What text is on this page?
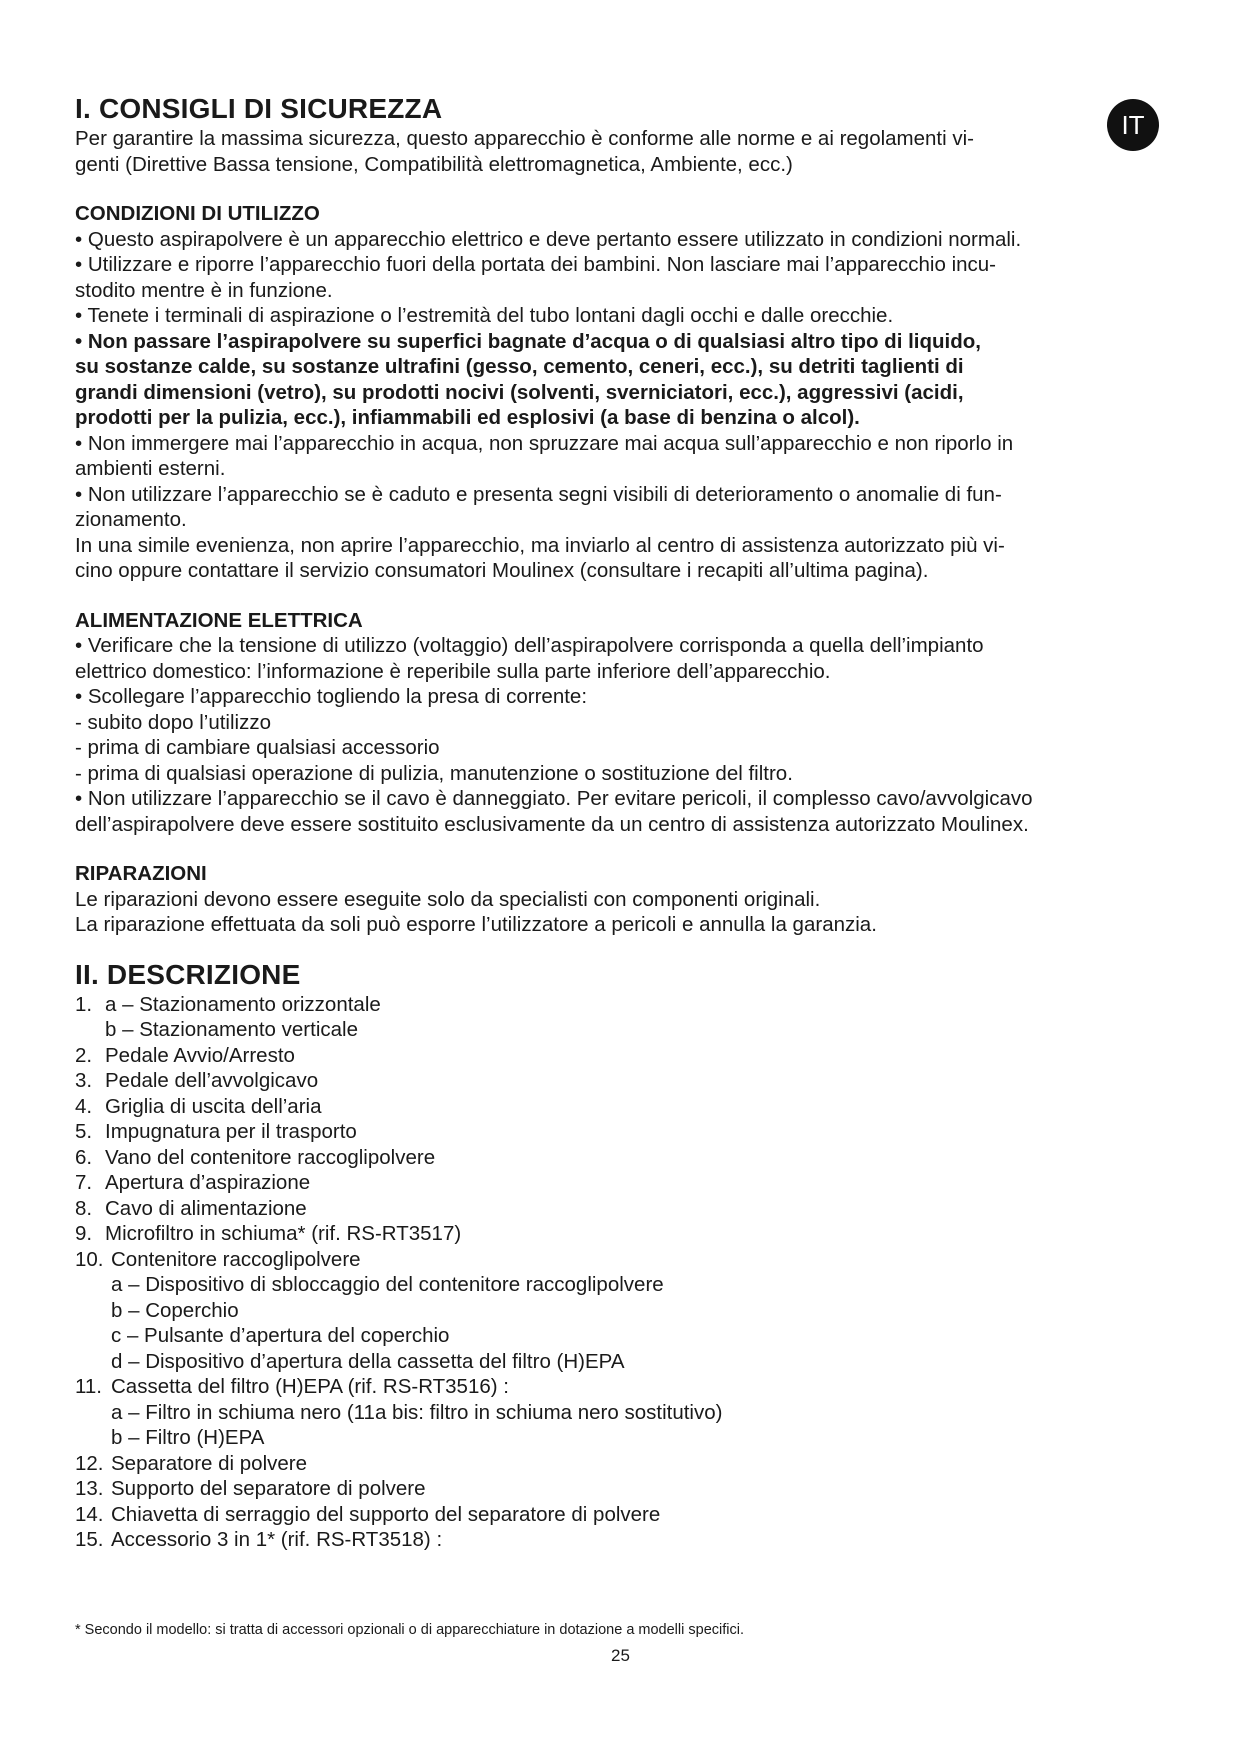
IT
I. CONSIGLI DI SICUREZZA

Per garantire la massima sicurezza, questo apparecchio è conforme alle norme e ai regolamenti vi-

genti (Direttive Bassa tensione, Compatibilità elettromagnetica, Ambiente, ecc.)

CONDIZIONI DI UTILIZZO

• Questo aspirapolvere è un apparecchio elettrico e deve pertanto essere utilizzato in condizioni normali.

• Utilizzare e riporre l’apparecchio fuori della portata dei bambini. Non lasciare mai l’apparecchio incu-

stodito mentre è in funzione.

• Tenete i terminali di aspirazione o l’estremità del tubo lontani dagli occhi e dalle orecchie.

• Non passare l’aspirapolvere su superfici bagnate d’acqua o di qualsiasi altro tipo di liquido,

su sostanze calde, su sostanze ultrafini (gesso, cemento, ceneri, ecc.), su detriti taglienti di

grandi dimensioni (vetro), su prodotti nocivi (solventi, sverniciatori, ecc.), aggressivi (acidi,

prodotti per la pulizia, ecc.), infiammabili ed esplosivi (a base di benzina o alcol).

• Non immergere mai l’apparecchio in acqua, non spruzzare mai acqua sull’apparecchio e non riporlo in

ambienti esterni.

• Non utilizzare l’apparecchio se è caduto e presenta segni visibili di deterioramento o anomalie di fun-

zionamento.

In una simile evenienza, non aprire l’apparecchio, ma inviarlo al centro di assistenza autorizzato più vi-

cino oppure contattare il servizio consumatori Moulinex (consultare i recapiti all’ultima pagina).

ALIMENTAZIONE ELETTRICA

• Verificare che la tensione di utilizzo (voltaggio) dell’aspirapolvere corrisponda a quella dell’impianto

elettrico domestico: l’informazione è reperibile sulla parte inferiore dell’apparecchio.

• Scollegare l’apparecchio togliendo la presa di corrente:

- subito dopo l’utilizzo

- prima di cambiare qualsiasi accessorio

- prima di qualsiasi operazione di pulizia, manutenzione o sostituzione del filtro.

• Non utilizzare l’apparecchio se il cavo è danneggiato. Per evitare pericoli, il complesso cavo/avvolgicavo

dell’aspirapolvere deve essere sostituito esclusivamente da un centro di assistenza autorizzato Moulinex.

RIPARAZIONI

Le riparazioni devono essere eseguite solo da specialisti con componenti originali.

La riparazione effettuata da soli può esporre l’utilizzatore a pericoli e annulla la garanzia.

II. DESCRIZIONE
1. a – Stazionamento orizzontale
b – Stazionamento verticale
2. Pedale Avvio/Arresto
3. Pedale dell’avvolgicavo
4. Griglia di uscita dell’aria
5. Impugnatura per il trasporto
6. Vano del contenitore raccoglipolvere
7. Apertura d’aspirazione
8. Cavo di alimentazione
9. Microfiltro in schiuma* (rif. RS-RT3517)
10. Contenitore raccoglipolvere
a – Dispositivo di sbloccaggio del contenitore raccoglipolvere
b – Coperchio
c – Pulsante d’apertura del coperchio
d – Dispositivo d’apertura della cassetta del filtro (H)EPA
11. Cassetta del filtro (H)EPA (rif. RS-RT3516) :
a – Filtro in schiuma nero (11a bis: filtro in schiuma nero sostitutivo)
b – Filtro (H)EPA
12. Separatore di polvere
13. Supporto del separatore di polvere
14. Chiavetta di serraggio del supporto del separatore di polvere
15. Accessorio 3 in 1* (rif. RS-RT3518) :
* Secondo il modello: si tratta di accessori opzionali o di apparecchiature in dotazione a modelli specifici.
25
